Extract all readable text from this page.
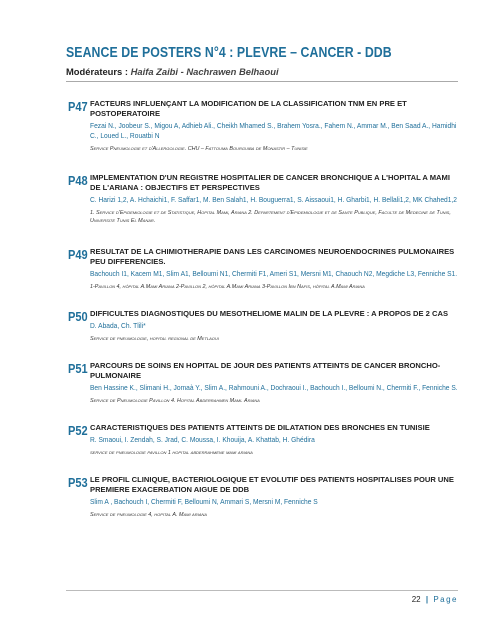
SEANCE DE POSTERS N°4 : PLEVRE – CANCER - DDB
Modérateurs : Haifa Zaibi - Nachrawen Belhaoui
P47 FACTEURS INFLUENÇANT LA MODIFICATION DE LA CLASSIFICATION TNM EN PRE ET POSTOPERATOIRE

Fezai N., Joobeur S., Migou A, Adhieb Ali., Cheikh Mhamed S., Brahem Yosra., Fahem N., Ammar M., Ben Saad A., Hamidhi C., Loued L., Rouatbi N
Service Pneumologie et d'Allergologie. CHU – Fattouma Bourguiba de Monastir – Tunisie
P48 IMPLEMENTATION D'UN REGISTRE HOSPITALIER DE CANCER BRONCHIQUE A L'HOPITAL A MAMI DE L'ARIANA : OBJECTIFS ET PERSPECTIVES

C. Harizi 1,2, A. Hchaichi1, F. Saffar1, M. Ben Salah1, H. Bouguerra1, S. Aissaoui1, H. Gharbi1, H. Bellali1,2, MK Chahed1,2
1. Service d'Epidemiologie et de Statistique, Hopital Mami, Ariana 2. Departement d'Epidemiologie et de Sante Publique, Faculte de Medecine de Tunis, Universite Tunis El Manar.
P49 RESULTAT DE LA CHIMIOTHERAPIE DANS LES CARCINOMES NEUROENDOCRINES PULMONAIRES PEU DIFFERENCIES.

Bachouch I1, Kacem M1, Slim A1, Belloumi N1, Chermiti F1, Ameri S1, Mersni M1, Chaouch N2, Megdiche L3, Fenniche S1.
1-Pavillon 4, hôpital A.Mami Ariana 2-Pavillon 2, hôpital A.Mami Ariana 3-Pavillon Ibn Nafis, hôpital A.Mami Ariana
P50 DIFFICULTES DIAGNOSTIQUES DU MESOTHELIOME MALIN DE LA PLEVRE : A PROPOS DE 2 CAS

D. Abada, Ch. Tlili*
Service de pneumologie, hopital regional de Metlaoui
P51 PARCOURS DE SOINS EN HOPITAL DE JOUR DES PATIENTS ATTEINTS DE CANCER BRONCHO- PULMONAIRE

Ben Hassine K., Slimani H., Jomaà Y., Slim A., Rahmouni A., Dochraoui I., Bachouch I., Belloumi N., Chermiti F., Fenniche S.
Service de Pneumologie Pavillon 4. Hopital Abderrahmen Mami. Ariana
P52 CARACTERISTIQUES DES PATIENTS ATTEINTS DE DILATATION DES BRONCHES EN TUNISIE

R. Smaoui, I. Zendah, S. Jrad, C. Moussa, I. Khouija, A. Khattab, H. Ghédira
service de pneumologie pavillon 1 hopital abderrahmene mami ariana
P53 LE PROFIL CLINIQUE, BACTERIOLOGIQUE ET EVOLUTIF DES PATIENTS HOSPITALISES POUR UNE PREMIERE EXACERBATION AIGUE DE DDB

Slim A , Bachouch I, Chermiti F, Belloumi N, Ammari S, Mersni M, Fenniche S
Service de pneumologie 4, hopital A. Mami ariana
22 | Page
